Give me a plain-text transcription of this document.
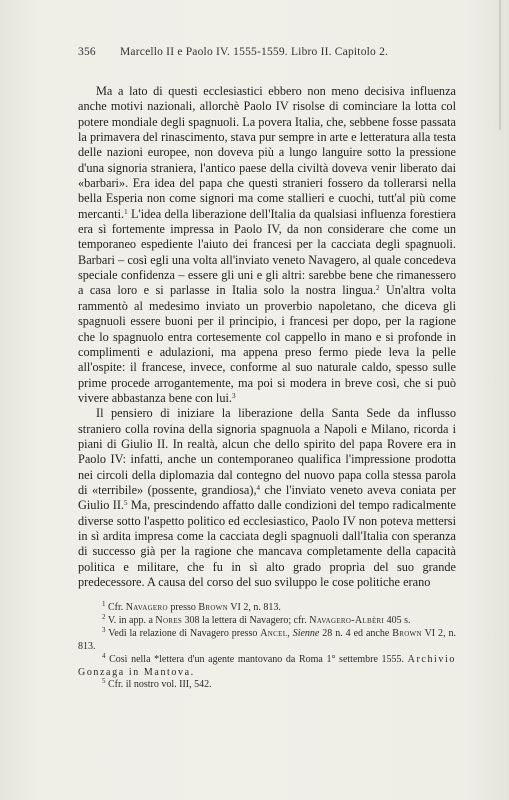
356	Marcello II e Paolo IV. 1555-1559. Libro II. Capitolo 2.

Ma a lato di questi ecclesiastici ebbero non meno decisiva influenza anche motivi nazionali, allorchè Paolo IV risolse di cominciare la lotta col potere mondiale degli spagnuoli. La povera Italia, che, sebbene fosse passata la primavera del rinascimento, stava pur sempre in arte e letteratura alla testa delle nazioni europee, non doveva più a lungo languire sotto la pressione d'una signoria straniera, l'antico paese della civiltà doveva venir liberato dai «barbari». Era idea del papa che questi stranieri fossero da tollerarsi nella bella Esperia non come signori ma come stallieri e cuochi, tutt'al più come mercanti.$^1$ L'idea della liberazione dell'Italia da qualsiasi influenza forestiera era sì fortemente impressa in Paolo IV, da non considerare che come un temporaneo espediente l'aiuto dei francesi per la cacciata degli spagnuoli. Barbari – così egli una volta all'inviato veneto Navagero, al quale concedeva speciale confidenza – essere gli uni e gli altri: sarebbe bene che rimanessero a casa loro e si parlasse in Italia solo la nostra lingua.$^2$ Un'altra volta rammentò al medesimo inviato un proverbio napoletano, che diceva gli spagnuoli essere buoni per il principio, i francesi per dopo, per la ragione che lo spagnuolo entra cortesemente col cappello in mano e si profonde in complimenti e adulazioni, ma appena preso fermo piede leva la pelle all'ospite: il francese, invece, conforme al suo naturale caldo, spesso sulle prime procede arrogantemente, ma poi si modera in breve così, che si può vivere abbastanza bene con lui.$^3$

Il pensiero di iniziare la liberazione della Santa Sede da influsso straniero colla rovina della signoria spagnuola a Napoli e Milano, ricorda i piani di Giulio II. In realtà, alcun che dello spirito del papa Rovere era in Paolo IV: infatti, anche un contemporaneo qualifica l'impressione prodotta nei circoli della diplomazia dal contegno del nuovo papa colla stessa parola di «terribile» (possente, grandiosa),$^4$ che l'inviato veneto aveva coniata per Giulio II.$^5$ Ma, prescindendo affatto dalle condizioni del tempo radicalmente diverse sotto l'aspetto politico ed ecclesiastico, Paolo IV non poteva mettersi in sì ardita impresa come la cacciata degli spagnuoli dall'Italia con speranza di successo già per la ragione che mancava completamente della capacità politica e militare, che fu in sì alto grado propria del suo grande predecessore. A causa del corso del suo sviluppo le cose politiche erano

$^1$ Cfr. Navagero presso Brown VI 2, n. 813.

$^2$ V. in app. a Nores 308 la lettera di Navagero; cfr. Navagero-Albèri 405 s.

$^3$ Vedi la relazione di Navagero presso Ancel, Sienne 28 n. 4 ed anche Brown VI 2, n. 813.

$^4$ Così nella *lettera d'un agente mantovano da Roma 1° settembre 1555. Archivio Gonzaga in Mantova.

$^5$ Cfr. il nostro vol. III, 542.
